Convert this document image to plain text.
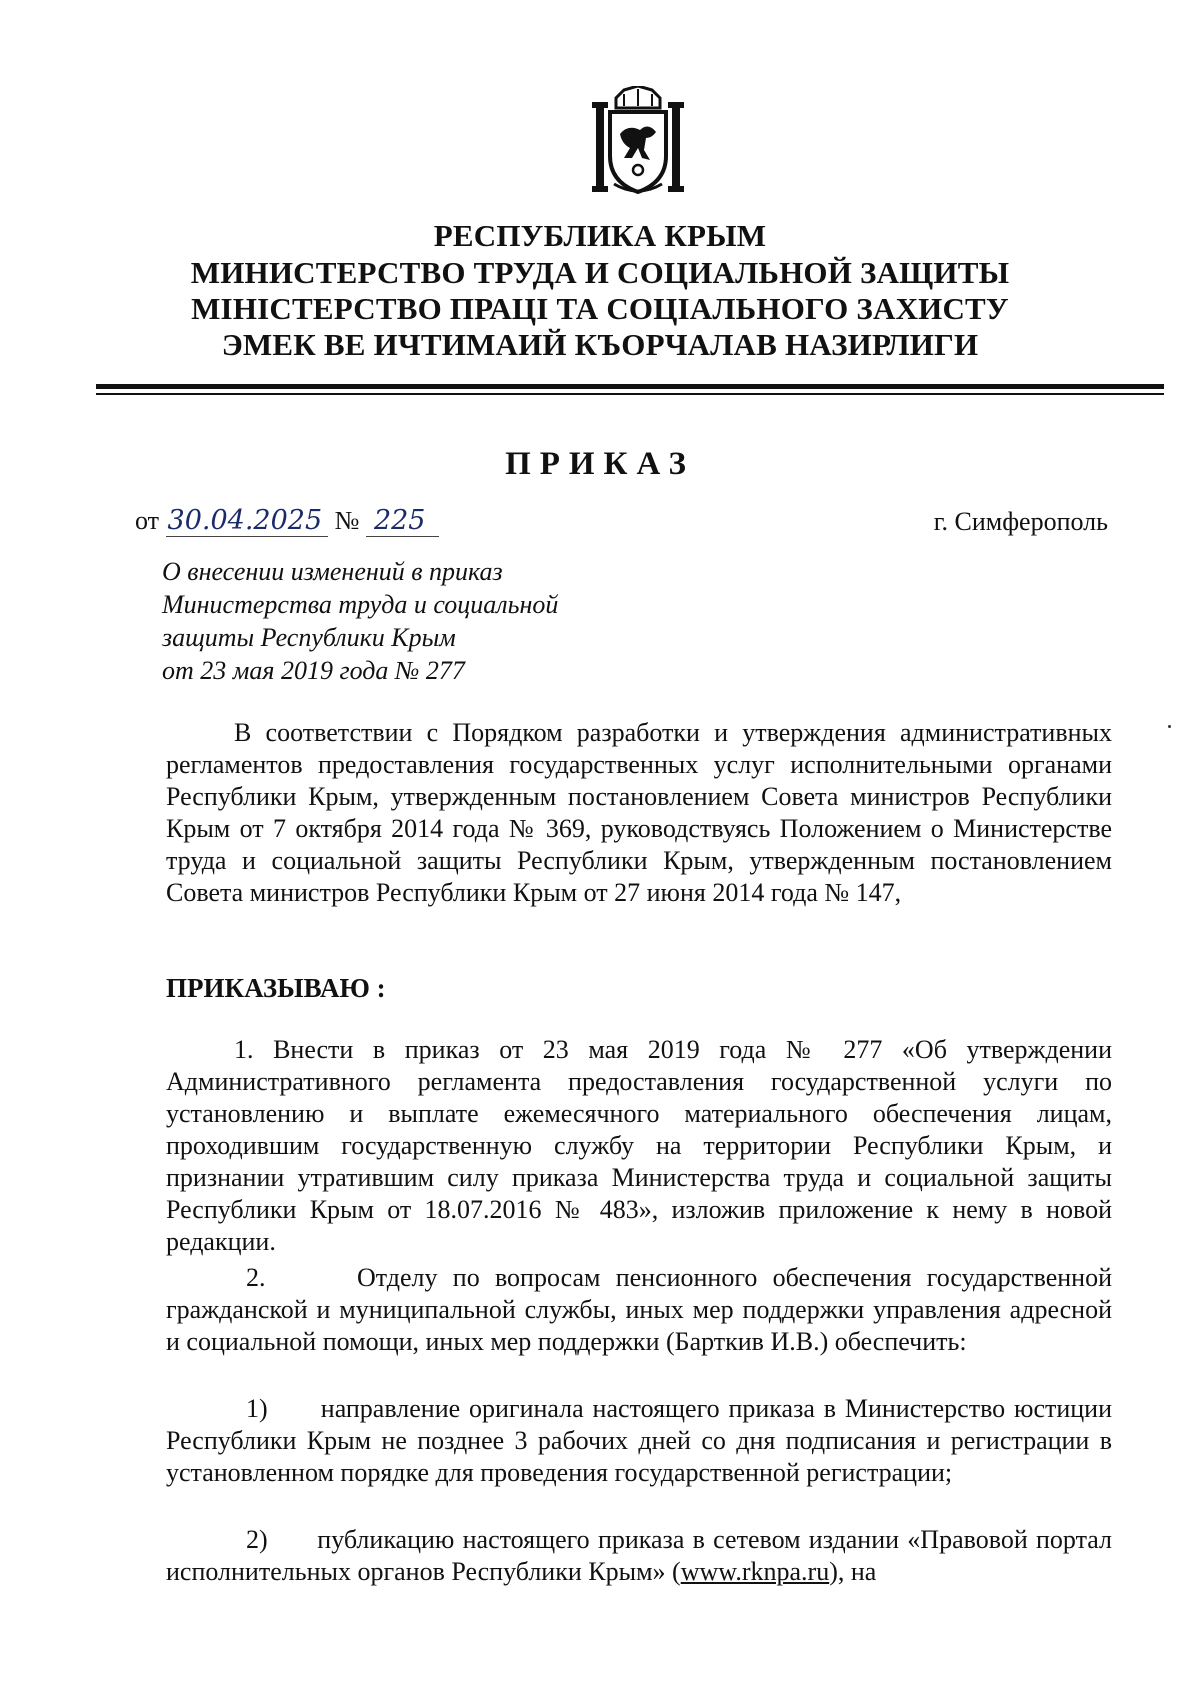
РЕСПУБЛИКА КРЫМ
МИНИСТЕРСТВО ТРУДА И СОЦИАЛЬНОЙ ЗАЩИТЫ
МІНІСТЕРСТВО ПРАЦІ ТА СОЦІАЛЬНОГО ЗАХИСТУ
ЭМЕК ВЕ ИЧТИМАИЙ КЪОРЧАЛАВ НАЗИРЛИГИ
ПРИКАЗ
от 30.04.2025 № 225	г. Симферополь
О внесении изменений в приказ
Министерства труда и социальной
защиты Республики Крым
от 23 мая 2019 года № 277
В соответствии с Порядком разработки и утверждения административных регламентов предоставления государственных услуг исполнительными органами Республики Крым, утвержденным постановлением Совета министров Республики Крым от 7 октября 2014 года № 369, руководствуясь Положением о Министерстве труда и социальной защиты Республики Крым, утвержденным постановлением Совета министров Республики Крым от 27 июня 2014 года № 147,
ПРИКАЗЫВАЮ :
1. Внести в приказ от 23 мая 2019 года № 277 «Об утверждении Административного регламента предоставления государственной услуги по установлению и выплате ежемесячного материального обеспечения лицам, проходившим государственную службу на территории Республики Крым, и признании утратившим силу приказа Министерства труда и социальной защиты Республики Крым от 18.07.2016 № 483», изложив приложение к нему в новой редакции.
2.      Отделу по вопросам пенсионного обеспечения государственной гражданской и муниципальной службы, иных мер поддержки управления адресной и социальной помощи, иных мер поддержки (Барткив И.В.) обеспечить:
1)      направление оригинала настоящего приказа в Министерство юстиции Республики Крым не позднее 3 рабочих дней со дня подписания и регистрации в установленном порядке для проведения государственной регистрации;
2)      публикацию настоящего приказа в сетевом издании «Правовой портал исполнительных органов Республики Крым» (www.rknpa.ru), на
